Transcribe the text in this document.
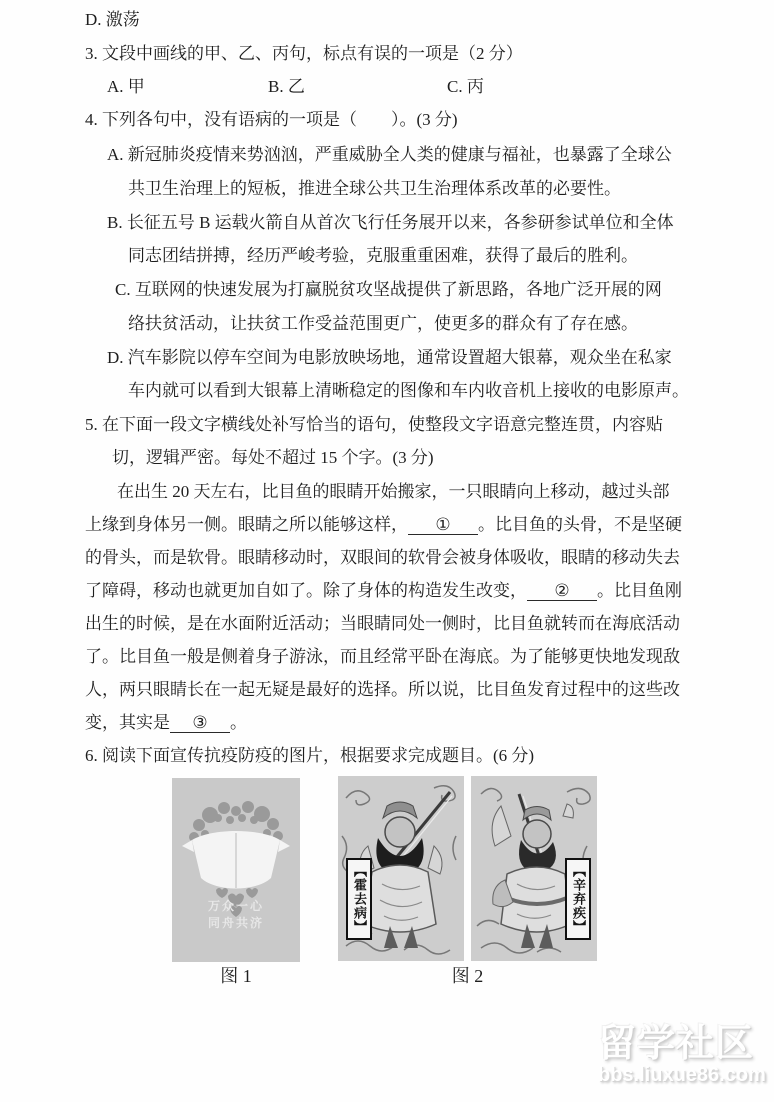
D. 激荡
3. 文段中画线的甲、乙、丙句，标点有误的一项是（2 分）
A. 甲	B. 乙	C. 丙
4. 下列各句中，没有语病的一项是（　　）。(3 分)
A. 新冠肺炎疫情来势汹汹，严重威胁全人类的健康与福祉，也暴露了全球公
共卫生治理上的短板，推进全球公共卫生治理体系改革的必要性。
B. 长征五号 B 运载火箭自从首次飞行任务展开以来，各参研参试单位和全体
同志团结拼搏，经历严峻考验，克服重重困难，获得了最后的胜利。
C. 互联网的快速发展为打赢脱贫攻坚战提供了新思路，各地广泛开展的网
络扶贫活动，让扶贫工作受益范围更广，使更多的群众有了存在感。
D. 汽车影院以停车空间为电影放映场地，通常设置超大银幕，观众坐在私家
车内就可以看到大银幕上清晰稳定的图像和车内收音机上接收的电影原声。
5. 在下面一段文字横线处补写恰当的语句，使整段文字语意完整连贯，内容贴
切，逻辑严密。每处不超过 15 个字。(3 分)
在出生 20 天左右，比目鱼的眼睛开始搬家，一只眼睛向上移动，越过头部
上缘到身体另一侧。眼睛之所以能够这样， ① 。比目鱼的头骨，不是坚硬
的骨头，而是软骨。眼睛移动时，双眼间的软骨会被身体吸收，眼睛的移动失去
了障碍，移动也就更加自如了。除了身体的构造发生改变， ② 。比目鱼刚
出生的时候，是在水面附近活动；当眼睛同处一侧时，比目鱼就转而在海底活动
了。比目鱼一般是侧着身子游泳，而且经常平卧在海底。为了能够更快地发现敌
人，两只眼睛长在一起无疑是最好的选择。所以说，比目鱼发育过程中的这些改
变，其实是 ③ 。
6. 阅读下面宣传抗疫防疫的图片，根据要求完成题目。(6 分)
万众一心
同舟共济	【霍去病】	【辛弃疾】
图 1	图 2
留学社区
bbs.liuxue86.com
